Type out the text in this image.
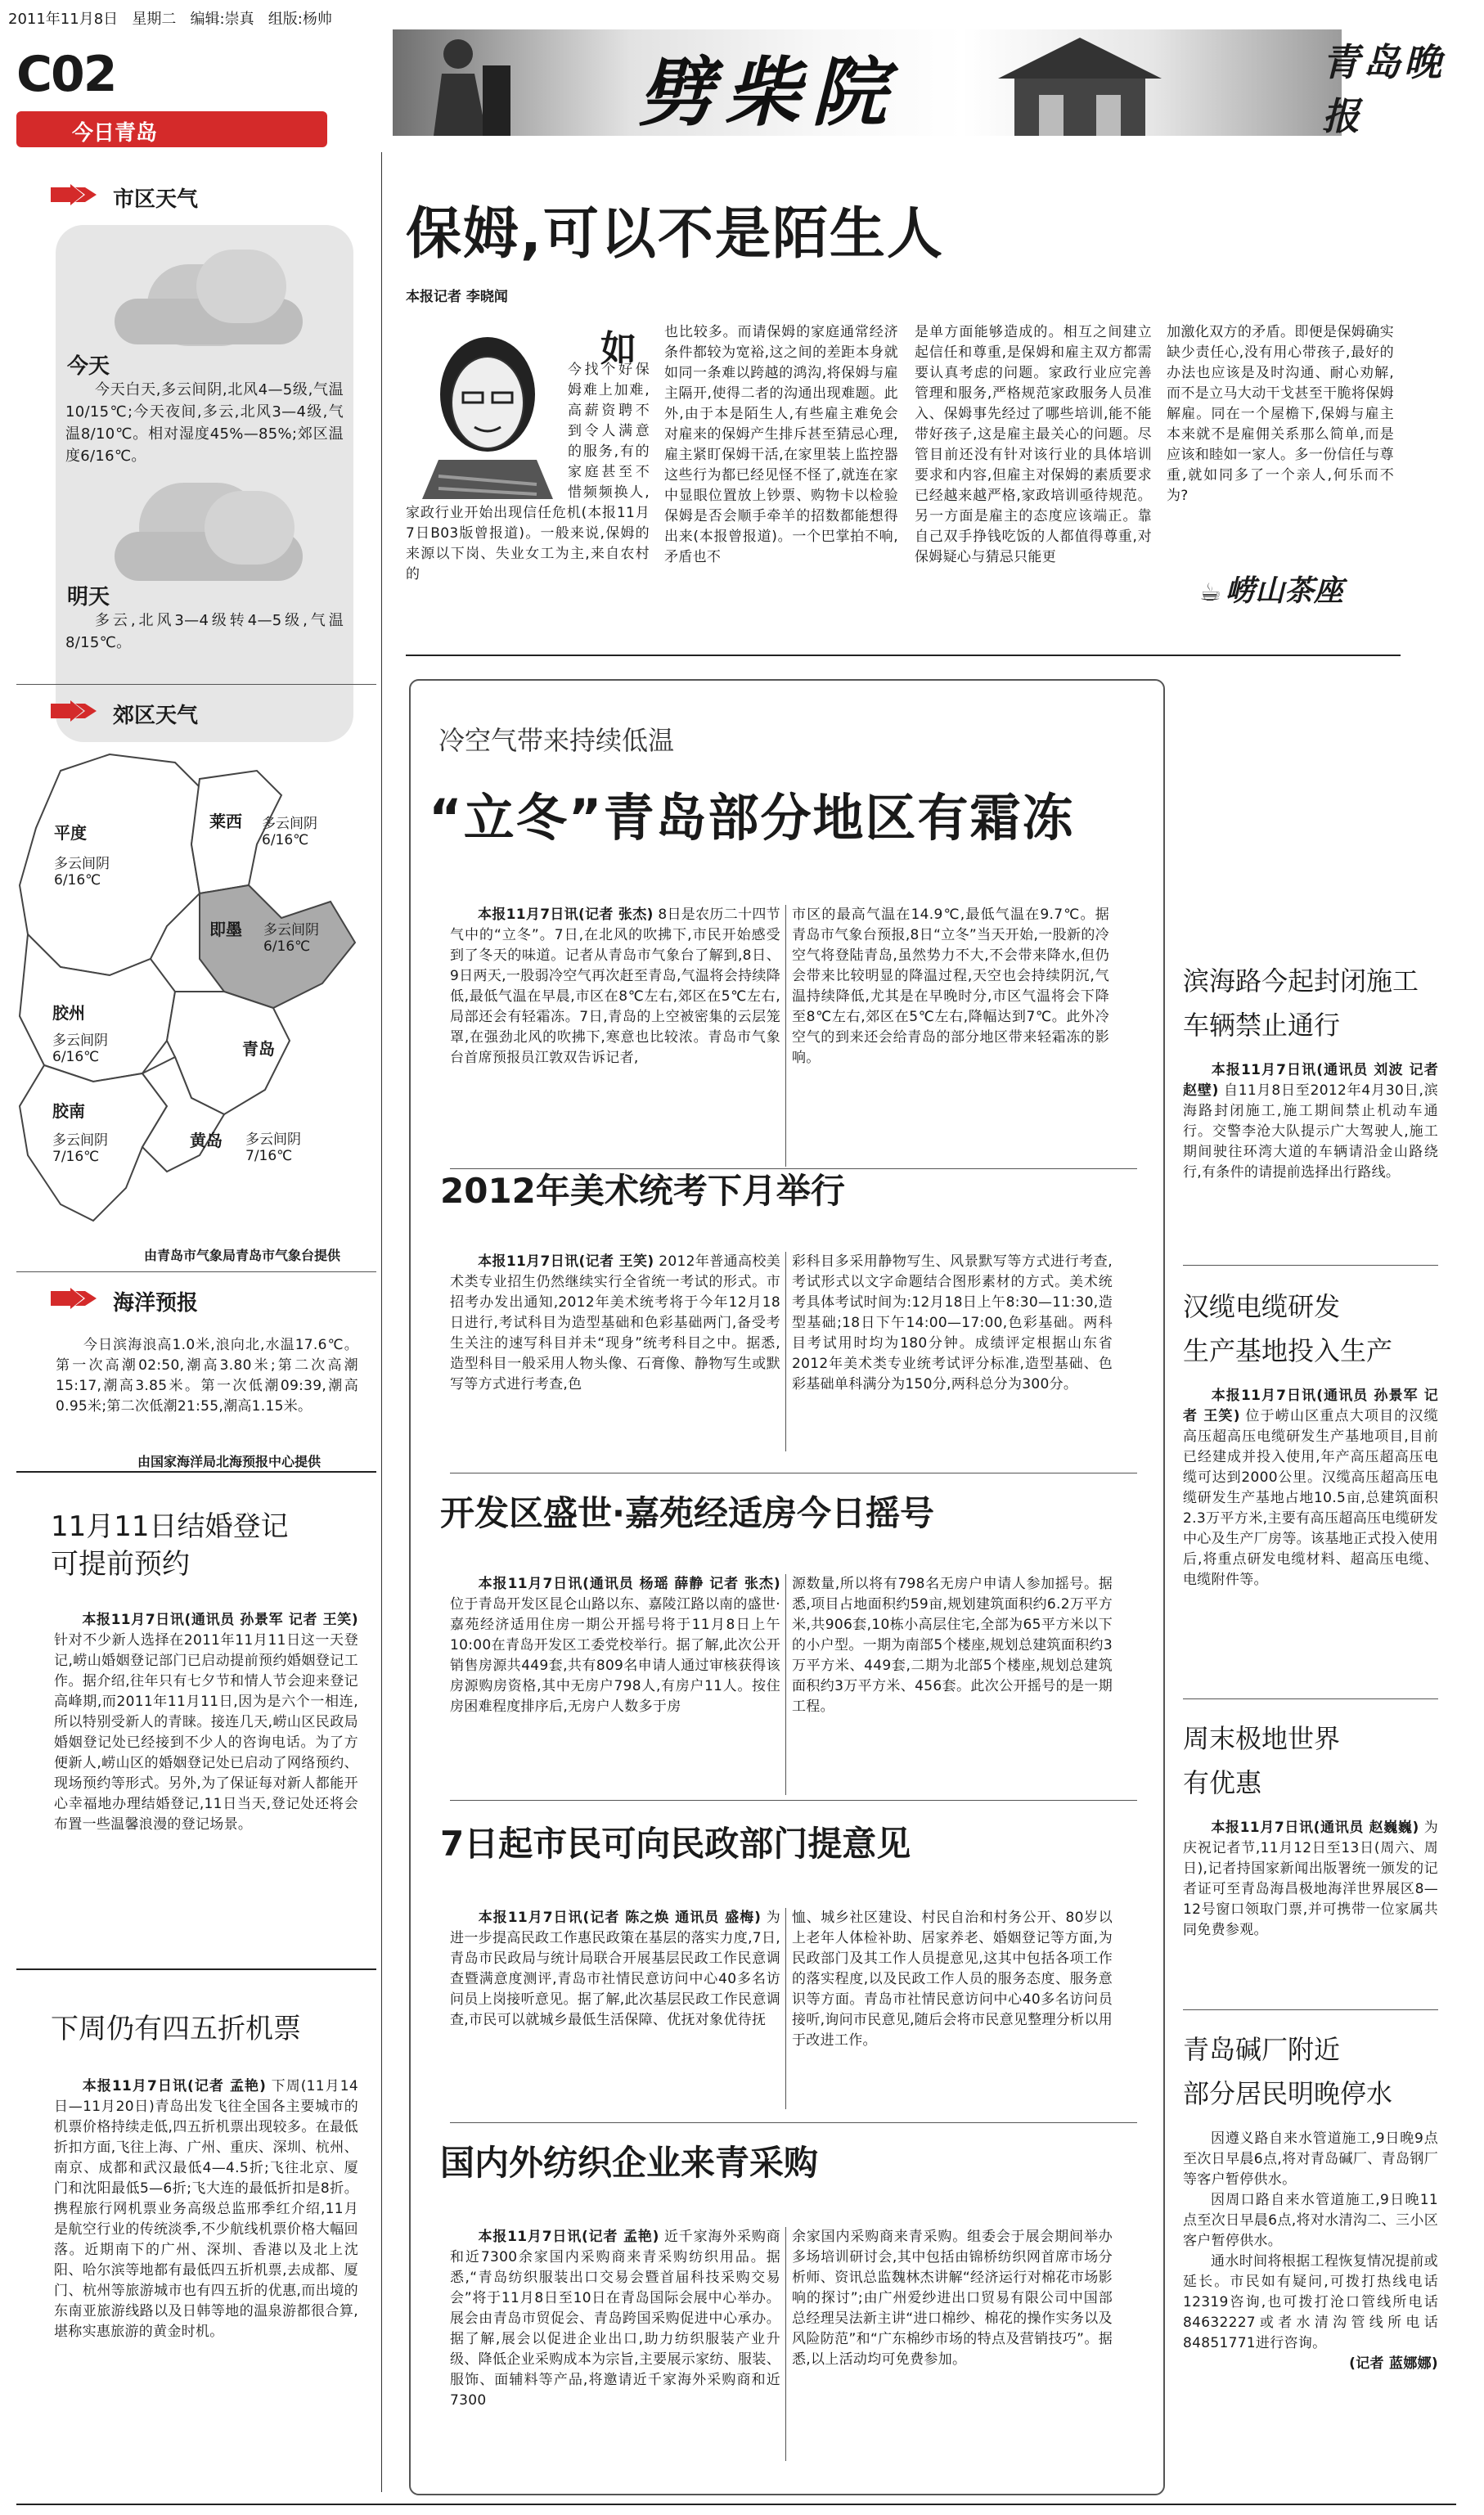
2011年11月8日 星期二 编辑:崇真 组版:杨帅
C02
今日青岛	劈柴院	青岛晚报
市区天气
今天
今天白天,多云间阴,北风4—5级,气温10/15℃;今天夜间,多云,北风3—4级,气温8/10℃。相对湿度45%—85%;郊区温度6/16℃。
明天
多云,北风3—4级转4—5级,气温8/15℃。
郊区天气
平度
多云间阴
6/16℃
莱西 多云间阴
6/16℃
即墨 多云间阴
6/16℃
胶州
多云间阴
6/16℃	青岛
胶南
多云间阴
7/16℃
黄岛 多云间阴
7/16℃
由青岛市气象局青岛市气象台提供
海洋预报
今日滨海浪高1.0米,浪向北,水温17.6℃。第一次高潮02:50,潮高3.80米;第二次高潮15:17,潮高3.85米。第一次低潮09:39,潮高0.95米;第二次低潮21:55,潮高1.15米。
由国家海洋局北海预报中心提供
11月11日结婚登记
可提前预约
本报11月7日讯(通讯员 孙景军 记者 王笑) 针对不少新人选择在2011年11月11日这一天登记,崂山婚姻登记部门已启动提前预约婚姻登记工作。据介绍,往年只有七夕节和情人节会迎来登记高峰期,而2011年11月11日,因为是六个一相连,所以特别受新人的青睐。接连几天,崂山区民政局婚姻登记处已经接到不少人的咨询电话。为了方便新人,崂山区的婚姻登记处已启动了网络预约、现场预约等形式。另外,为了保证每对新人都能开心幸福地办理结婚登记,11日当天,登记处还将会布置一些温馨浪漫的登记场景。
下周仍有四五折机票
本报11月7日讯(记者 孟艳) 下周(11月14日—11月20日)青岛出发飞往全国各主要城市的机票价格持续走低,四五折机票出现较多。在最低折扣方面,飞往上海、广州、重庆、深圳、杭州、南京、成都和武汉最低4—4.5折;飞往北京、厦门和沈阳最低5—6折;飞大连的最低折扣是8折。携程旅行网机票业务高级总监邢季红介绍,11月是航空行业的传统淡季,不少航线机票价格大幅回落。近期南下的广州、深圳、香港以及北上沈阳、哈尔滨等地都有最低四五折机票,去成都、厦门、杭州等旅游城市也有四五折的优惠,而出境的东南亚旅游线路以及日韩等地的温泉游都很合算,堪称实惠旅游的黄金时机。
保姆,可以不是陌生人
本报记者 李晓闻
如
今找个好保姆难上加难,高薪资聘不到令人满意的服务,有的家庭甚至不惜频频换人,家政行业开始出现信任危机(本报11月7日B03版曾报道)。一般来说,保姆的来源以下岗、失业女工为主,来自农村的
也比较多。而请保姆的家庭通常经济条件都较为宽裕,这之间的差距本身就如同一条难以跨越的鸿沟,将保姆与雇主隔开,使得二者的沟通出现难题。此外,由于本是陌生人,有些雇主难免会对雇来的保姆产生排斥甚至猜忌心理,雇主紧盯保姆干活,在家里装上监控器这些行为都已经见怪不怪了,就连在家中显眼位置放上钞票、购物卡以检验保姆是否会顺手牵羊的招数都能想得出来(本报曾报道)。一个巴掌拍不响,矛盾也不
是单方面能够造成的。相互之间建立起信任和尊重,是保姆和雇主双方都需要认真考虑的问题。家政行业应完善管理和服务,严格规范家政服务人员准入、保姆事先经过了哪些培训,能不能带好孩子,这是雇主最关心的问题。尽管目前还没有针对该行业的具体培训要求和内容,但雇主对保姆的素质要求已经越来越严格,家政培训亟待规范。另一方面是雇主的态度应该端正。靠自己双手挣钱吃饭的人都值得尊重,对保姆疑心与猜忌只能更
加激化双方的矛盾。即便是保姆确实缺少责任心,没有用心带孩子,最好的办法也应该是及时沟通、耐心劝解,而不是立马大动干戈甚至干脆将保姆解雇。同在一个屋檐下,保姆与雇主本来就不是雇佣关系那么简单,而是应该和睦如一家人。多一份信任与尊重,就如同多了一个亲人,何乐而不为?
☕ 崂山茶座
冷空气带来持续低温
“立冬”青岛部分地区有霜冻
本报11月7日讯(记者 张杰) 8日是农历二十四节气中的“立冬”。7日,在北风的吹拂下,市民开始感受到了冬天的味道。记者从青岛市气象台了解到,8日、9日两天,一股弱冷空气再次赶至青岛,气温将会持续降低,最低气温在早晨,市区在8℃左右,郊区在5℃左右,局部还会有轻霜冻。7日,青岛的上空被密集的云层笼罩,在强劲北风的吹拂下,寒意也比较浓。青岛市气象台首席预报员江敦双告诉记者,
市区的最高气温在14.9℃,最低气温在9.7℃。据青岛市气象台预报,8日“立冬”当天开始,一股新的冷空气将登陆青岛,虽然势力不大,不会带来降水,但仍会带来比较明显的降温过程,天空也会持续阴沉,气温持续降低,尤其是在早晚时分,市区气温将会下降至8℃左右,郊区在5℃左右,降幅达到7℃。此外冷空气的到来还会给青岛的部分地区带来轻霜冻的影响。
2012年美术统考下月举行
本报11月7日讯(记者 王笑) 2012年普通高校美术类专业招生仍然继续实行全省统一考试的形式。市招考办发出通知,2012年美术统考将于今年12月18日进行,考试科目为造型基础和色彩基础两门,备受考生关注的速写科目并未“现身”统考科目之中。据悉,造型科目一般采用人物头像、石膏像、静物写生或默写等方式进行考查,色
彩科目多采用静物写生、风景默写等方式进行考查,考试形式以文字命题结合图形素材的方式。美术统考具体考试时间为:12月18日上午8:30—11:30,造型基础;18日下午14:00—17:00,色彩基础。两科目考试用时均为180分钟。成绩评定根据山东省2012年美术类专业统考试评分标准,造型基础、色彩基础单科满分为150分,两科总分为300分。
开发区盛世·嘉苑经适房今日摇号
本报11月7日讯(通讯员 杨瑶 薛静 记者 张杰) 位于青岛开发区昆仑山路以东、嘉陵江路以南的盛世·嘉苑经济适用住房一期公开摇号将于11月8日上午10:00在青岛开发区工委党校举行。据了解,此次公开销售房源共449套,共有809名申请人通过审核获得该房源购房资格,其中无房户798人,有房户11人。按住房困难程度排序后,无房户人数多于房
源数量,所以将有798名无房户申请人参加摇号。据悉,项目占地面积约59亩,规划建筑面积约6.2万平方米,共906套,10栋小高层住宅,全部为65平方米以下的小户型。一期为南部5个楼座,规划总建筑面积约3万平方米、449套,二期为北部5个楼座,规划总建筑面积约3万平方米、456套。此次公开摇号的是一期工程。
7日起市民可向民政部门提意见
本报11月7日讯(记者 陈之焕 通讯员 盛梅) 为进一步提高民政工作惠民政策在基层的落实力度,7日,青岛市民政局与统计局联合开展基层民政工作民意调查暨满意度测评,青岛市社情民意访问中心40多名访问员上岗接听意见。据了解,此次基层民政工作民意调查,市民可以就城乡最低生活保障、优抚对象优待抚
恤、城乡社区建设、村民自治和村务公开、80岁以上老年人体检补助、居家养老、婚姻登记等方面,为民政部门及其工作人员提意见,这其中包括各项工作的落实程度,以及民政工作人员的服务态度、服务意识等方面。青岛市社情民意访问中心40多名访问员接听,询问市民意见,随后会将市民意见整理分析以用于改进工作。
国内外纺织企业来青采购
本报11月7日讯(记者 孟艳) 近千家海外采购商和近7300余家国内采购商来青采购纺织用品。据悉,“青岛纺织服装出口交易会暨首届科技采购交易会”将于11月8日至10日在青岛国际会展中心举办。展会由青岛市贸促会、青岛跨国采购促进中心承办。据了解,展会以促进企业出口,助力纺织服装产业升级、降低企业采购成本为宗旨,主要展示家纺、服装、服饰、面辅料等产品,将邀请近千家海外采购商和近7300
余家国内采购商来青采购。组委会于展会期间举办多场培训研讨会,其中包括由锦桥纺织网首席市场分析师、资讯总监魏林杰讲解“经济运行对棉花市场影响的探讨”;由广州爱纱进出口贸易有限公司中国部总经理吴法新主讲“进口棉纱、棉花的操作实务以及风险防范”和“广东棉纱市场的特点及营销技巧”。据悉,以上活动均可免费参加。
滨海路今起封闭施工
车辆禁止通行
本报11月7日讯(通讯员 刘波 记者 赵壁) 自11月8日至2012年4月30日,滨海路封闭施工,施工期间禁止机动车通行。交警李沧大队提示广大驾驶人,施工期间驶往环湾大道的车辆请沿金山路绕行,有条件的请提前选择出行路线。
汉缆电缆研发
生产基地投入生产
本报11月7日讯(通讯员 孙景军 记者 王笑) 位于崂山区重点大项目的汉缆高压超高压电缆研发生产基地项目,目前已经建成并投入使用,年产高压超高压电缆可达到2000公里。汉缆高压超高压电缆研发生产基地占地10.5亩,总建筑面积2.3万平方米,主要有高压超高压电缆研发中心及生产厂房等。该基地正式投入使用后,将重点研发电缆材料、超高压电缆、电缆附件等。
周末极地世界
有优惠
本报11月7日讯(通讯员 赵巍巍) 为庆祝记者节,11月12日至13日(周六、周日),记者持国家新闻出版署统一颁发的记者证可至青岛海昌极地海洋世界展区8—12号窗口领取门票,并可携带一位家属共同免费参观。
青岛碱厂附近
部分居民明晚停水
因遵义路自来水管道施工,9日晚9点至次日早晨6点,将对青岛碱厂、青岛钢厂等客户暂停供水。
因周口路自来水管道施工,9日晚11点至次日早晨6点,将对水清沟二、三小区客户暂停供水。
通水时间将根据工程恢复情况提前或延长。市民如有疑问,可拨打热线电话12319咨询,也可拨打沧口管线所电话84632227或者水清沟管线所电话84851771进行咨询。
(记者 蓝娜娜)
